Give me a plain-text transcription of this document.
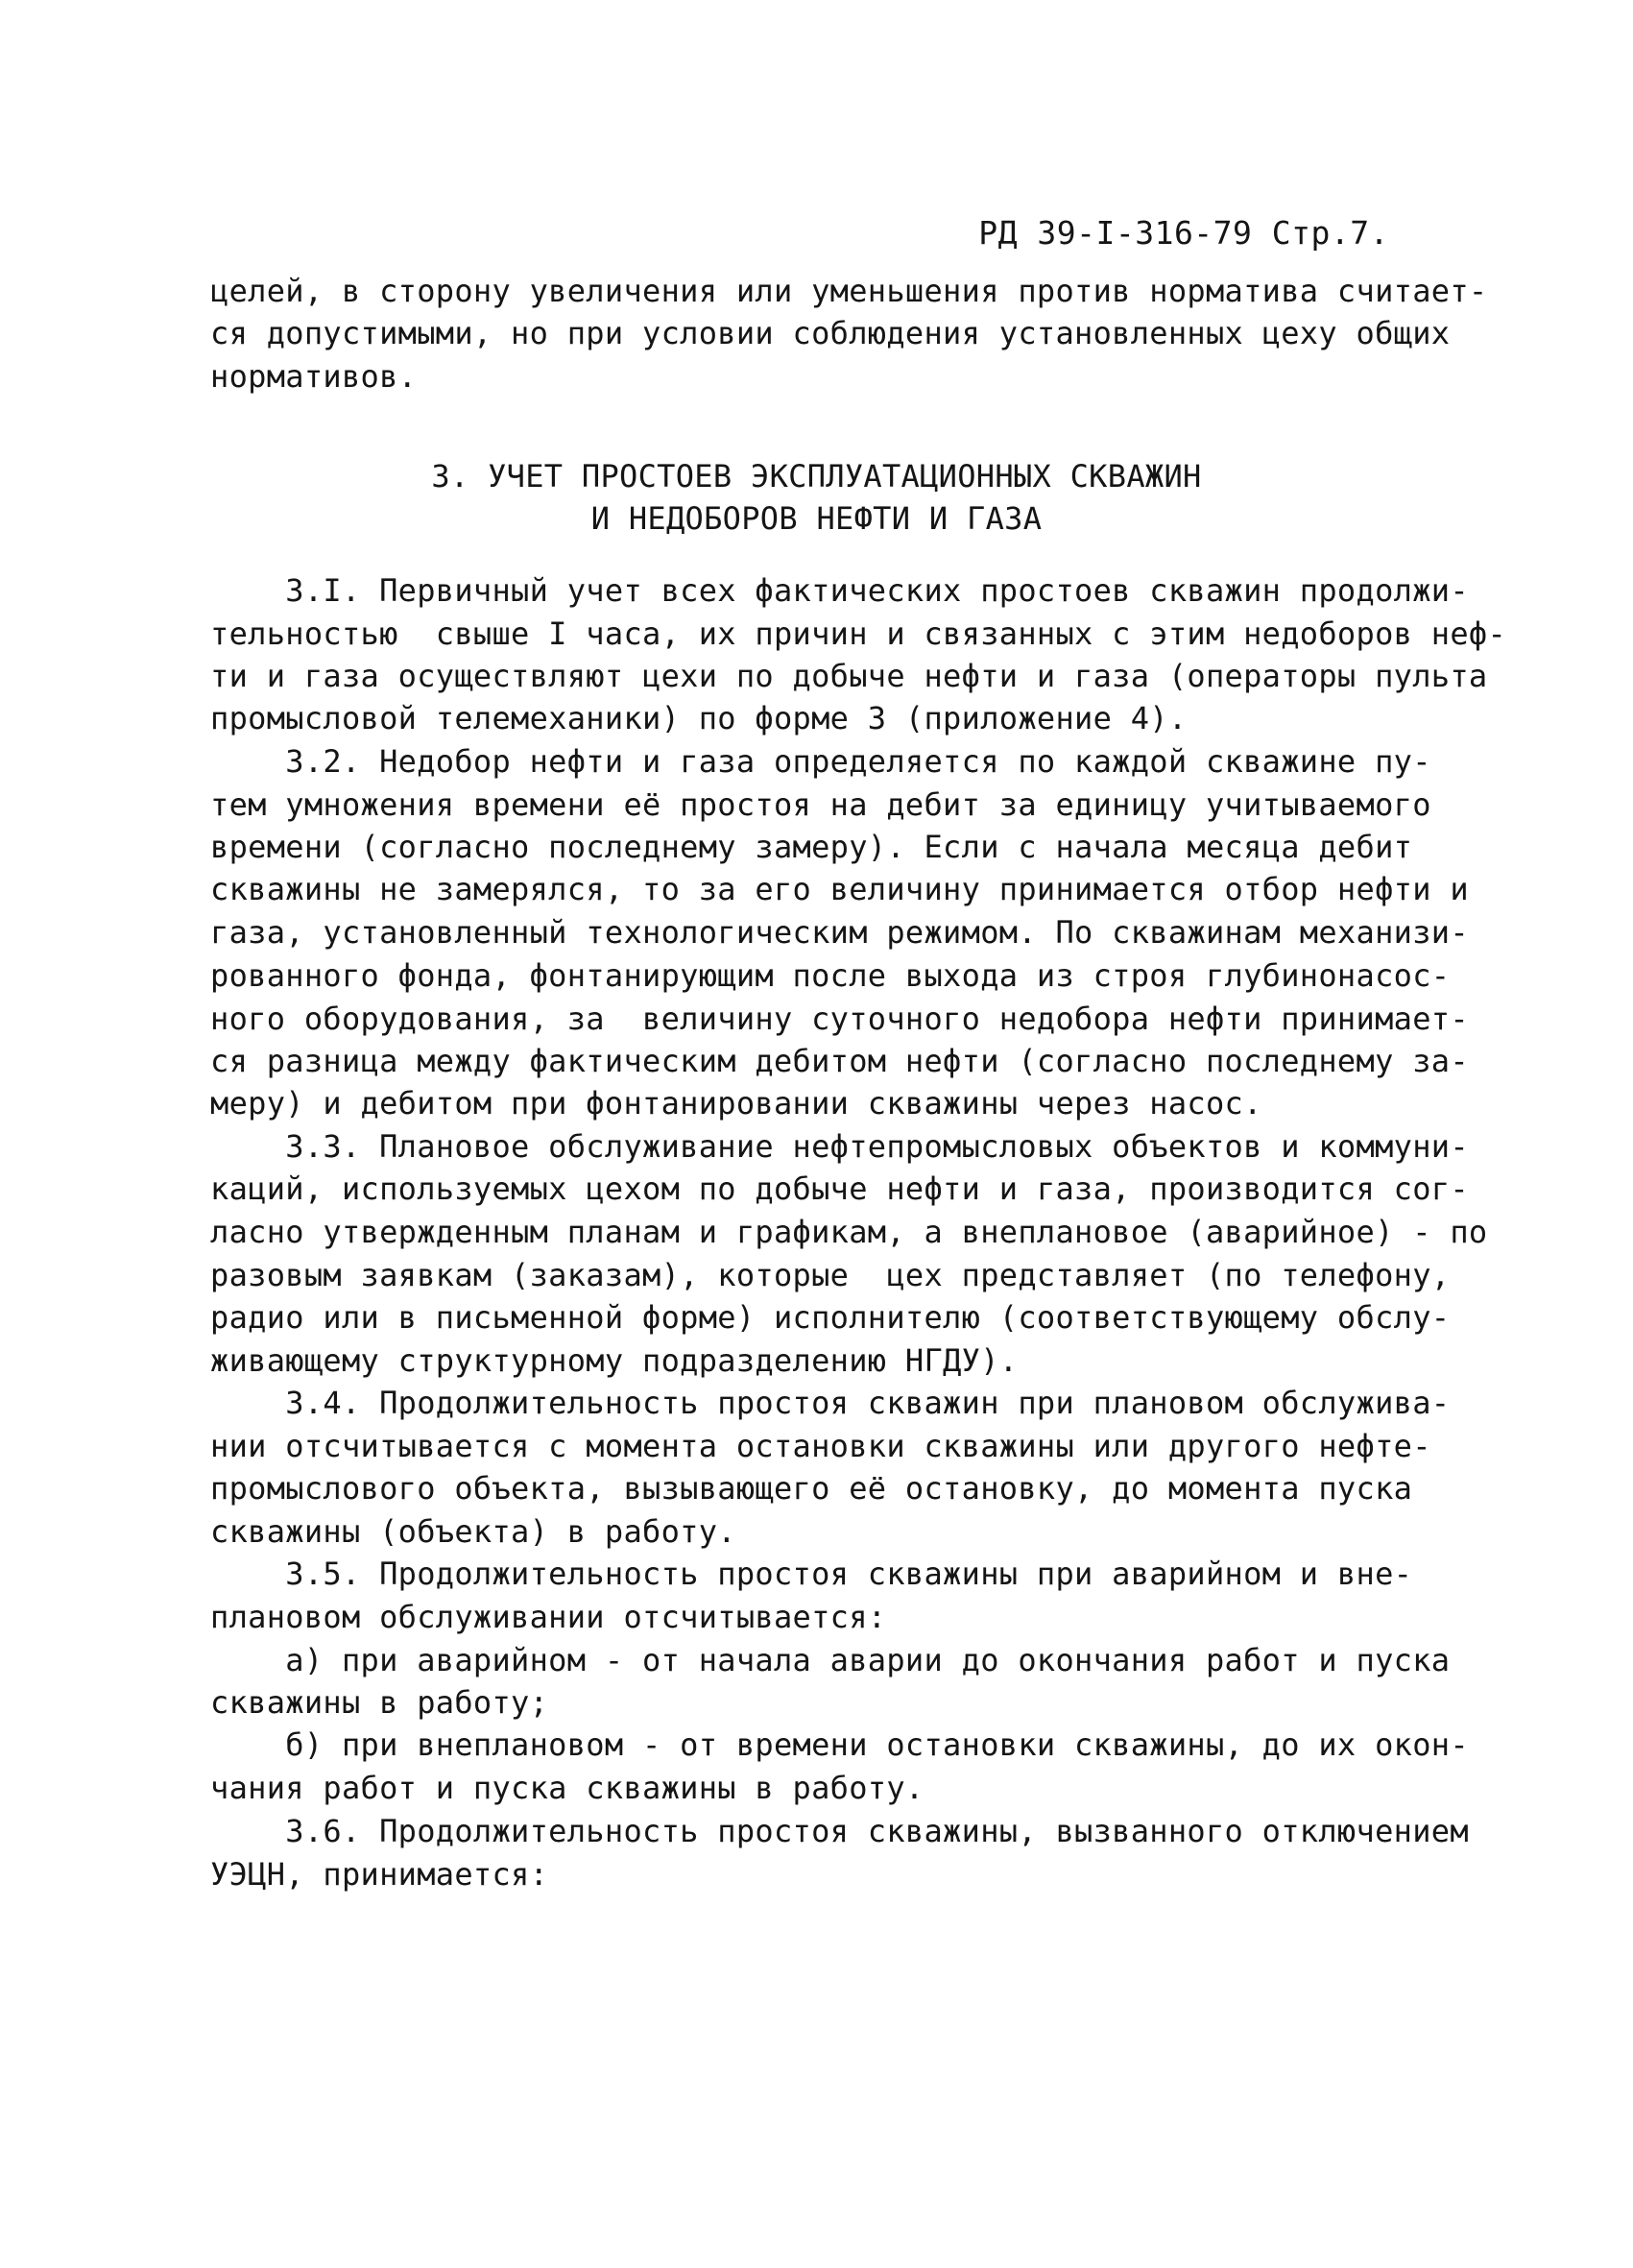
РД 39-I-316-79 Стр.7.
3. УЧЕТ ПРОСТОЕВ ЭКСПЛУАТАЦИОННЫХ СКВАЖИН
И НЕДОБОРОВ НЕФТИ И ГАЗА
целей, в сторону увеличения или уменьшения против норматива считает-
ся допустимыми, но при условии соблюдения установленных цеху общих
нормативов.
3.I. Первичный учет всех фактических простоев скважин продолжи-
тельностью  свыше I часа, их причин и связанных с этим недоборов неф-
ти и газа осуществляют цехи по добыче нефти и газа (операторы пульта
промысловой телемеханики) по форме 3 (приложение 4).
3.2. Недобор нефти и газа определяется по каждой скважине пу-
тем умножения времени её простоя на дебит за единицу учитываемого
времени (согласно последнему замеру). Если с начала месяца дебит
скважины не замерялся, то за его величину принимается отбор нефти и
газа, установленный технологическим режимом. По скважинам механизи-
рованного фонда, фонтанирующим после выхода из строя глубинонасос-
ного оборудования, за  величину суточного недобора нефти принимает-
ся разница между фактическим дебитом нефти (согласно последнему за-
меру) и дебитом при фонтанировании скважины через насос.
3.3. Плановое обслуживание нефтепромысловых объектов и коммуни-
каций, используемых цехом по добыче нефти и газа, производится сог-
ласно утвержденным планам и графикам, а внеплановое (аварийное) - по
разовым заявкам (заказам), которые  цех представляет (по телефону,
радио или в письменной форме) исполнителю (соответствующему обслу-
живающему структурному подразделению НГДУ).
3.4. Продолжительность простоя скважин при плановом обслужива-
нии отсчитывается с момента остановки скважины или другого нефте-
промыслового объекта, вызывающего её остановку, до момента пуска
скважины (объекта) в работу.
3.5. Продолжительность простоя скважины при аварийном и вне-
плановом обслуживании отсчитывается:
а) при аварийном - от начала аварии до окончания работ и пуска
скважины в работу;
б) при внеплановом - от времени остановки скважины, до их окон-
чания работ и пуска скважины в работу.
3.6. Продолжительность простоя скважины, вызванного отключением
УЭЦН, принимается:
